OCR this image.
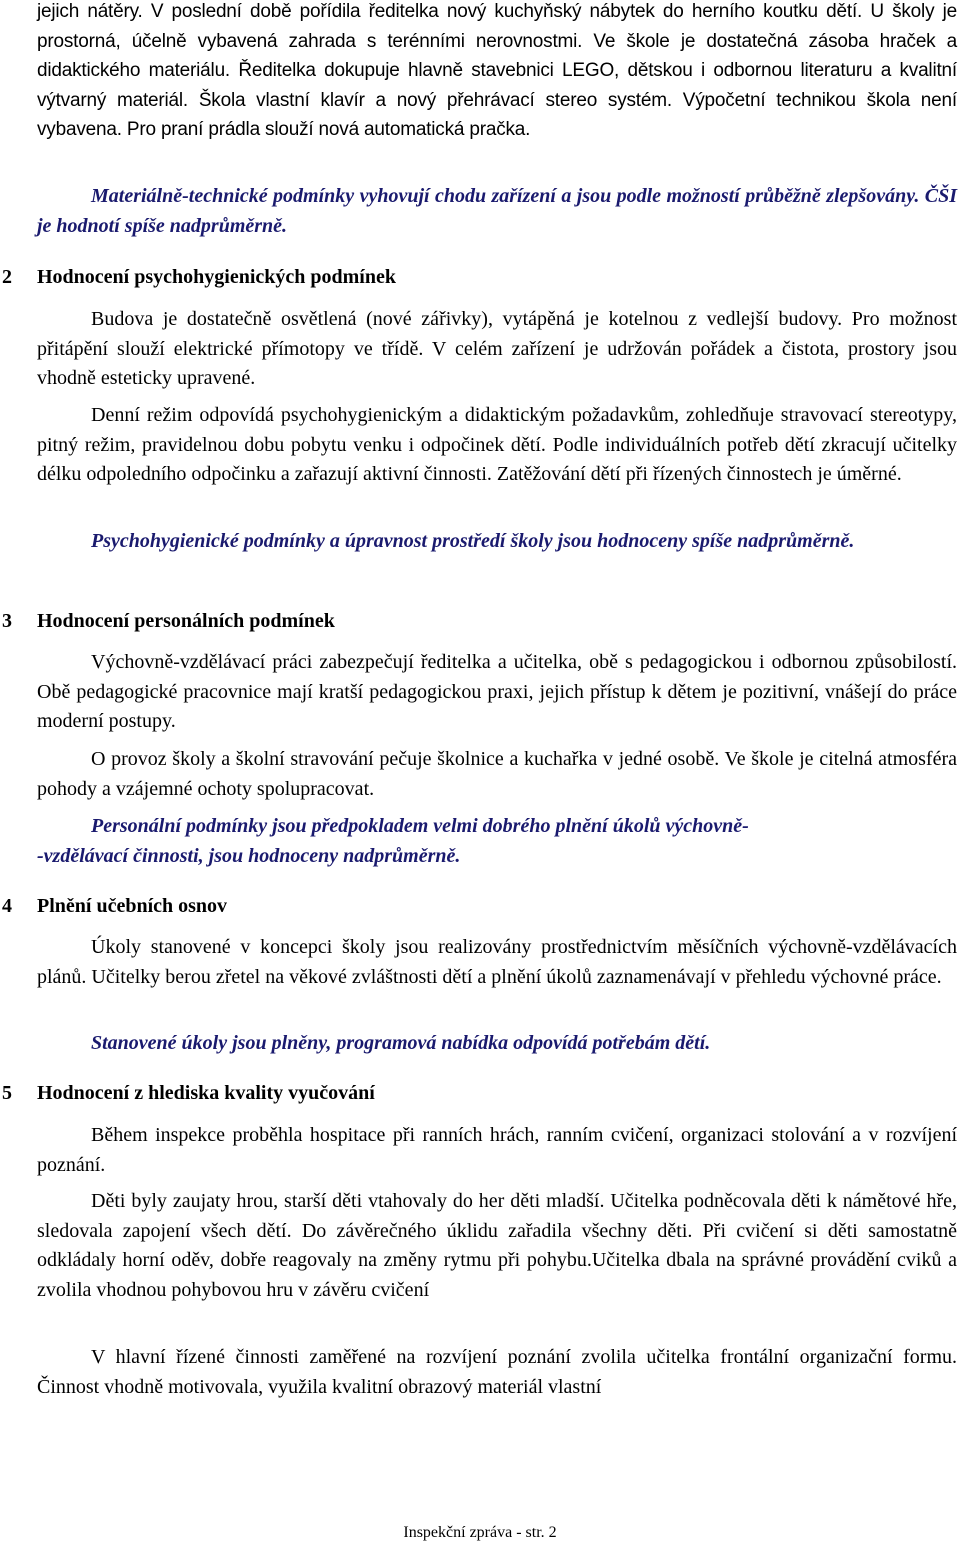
jejich nátěry. V poslední době pořídila ředitelka nový kuchyňský nábytek do herního koutku dětí. U školy je prostorná, účelně vybavená zahrada s terénními nerovnostmi. Ve škole je dostatečná zásoba hraček a didaktického materiálu. Ředitelka dokupuje hlavně stavebnici LEGO, dětskou i odbornou literaturu a kvalitní výtvarný materiál. Škola vlastní klavír a nový přehrávací stereo systém. Výpočetní technikou škola není vybavena. Pro praní prádla slouží nová automatická pračka.

Materiálně-technické podmínky vyhovují chodu zařízení a jsou podle možností průběžně zlepšovány. ČŠI je hodnotí spíše nadprůměrně.

2 Hodnocení psychohygienických podmínek

Budova je dostatečně osvětlená (nové zářivky), vytápěná je kotelnou z vedlejší budovy. Pro možnost přitápění slouží elektrické přímotopy ve třídě. V celém zařízení je udržován pořádek a čistota, prostory jsou vhodně esteticky upravené.

Denní režim odpovídá psychohygienickým a didaktickým požadavkům, zohledňuje stravovací stereotypy, pitný režim, pravidelnou dobu pobytu venku i odpočinek dětí. Podle individuálních potřeb dětí zkracují učitelky délku odpoledního odpočinku a zařazují aktivní činnosti. Zatěžování dětí při řízených činnostech je úměrné.

Psychohygienické podmínky a úpravnost prostředí školy jsou hodnoceny spíše nadprůměrně.

3 Hodnocení personálních podmínek

Výchovně-vzdělávací práci zabezpečují ředitelka a učitelka, obě s pedagogickou i odbornou způsobilostí. Obě pedagogické pracovnice mají kratší pedagogickou praxi, jejich přístup k dětem je pozitivní, vnášejí do práce moderní postupy.

O provoz školy a školní stravování pečuje školnice a kuchařka v jedné osobě. Ve škole je citelná atmosféra pohody a vzájemné ochoty spolupracovat.

Personální podmínky jsou předpokladem velmi dobrého plnění úkolů výchovně-

-vzdělávací činnosti, jsou hodnoceny nadprůměrně.

4 Plnění učebních osnov

Úkoly stanovené v koncepci školy jsou realizovány prostřednictvím měsíčních výchovně-vzdělávacích plánů. Učitelky berou zřetel na věkové zvláštnosti dětí a plnění úkolů zaznamenávají v přehledu výchovné práce.

Stanovené úkoly jsou plněny, programová nabídka odpovídá potřebám dětí.

5 Hodnocení z hlediska kvality vyučování

Během inspekce proběhla hospitace při ranních hrách, ranním cvičení, organizaci stolování a v rozvíjení poznání.

Děti byly zaujaty hrou, starší děti vtahovaly do her děti mladší. Učitelka podněcovala děti k námětové hře, sledovala zapojení všech dětí. Do závěrečného úklidu zařadila všechny děti. Při cvičení si děti samostatně odkládaly horní oděv, dobře reagovaly na změny rytmu při pohybu.Učitelka dbala na správné provádění cviků a zvolila vhodnou pohybovou hru v závěru cvičení

V hlavní řízené činnosti zaměřené na rozvíjení poznání zvolila učitelka frontální organizační formu. Činnost vhodně motivovala, využila kvalitní obrazový materiál vlastní

Inspekční zpráva - str. 2
